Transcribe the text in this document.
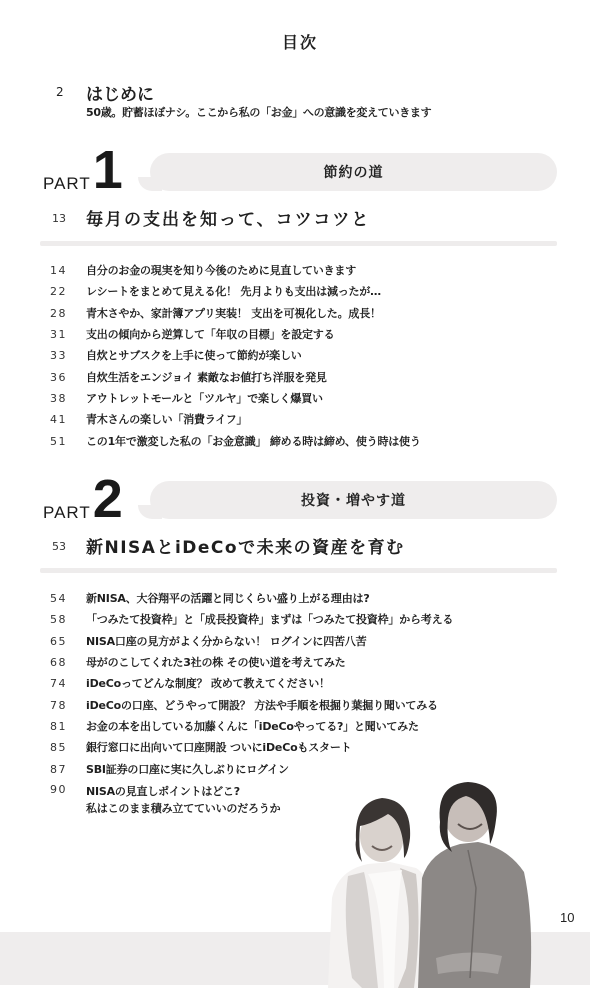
目次
2 はじめに
50歳。貯蓄ほぼナシ。ここから私の「お金」への意識を変えていきます
節約の道
PART 1
13 毎月の支出を知って、コツコツと
14	自分のお金の現実を知り今後のために見直していきます
22	レシートをまとめて見える化！ 先月よりも支出は減ったが…
28	青木さやか、家計簿アプリ実装！ 支出を可視化した。成長！
31	支出の傾向から逆算して「年収の目標」を設定する
33	自炊とサブスクを上手に使って節約が楽しい
36	自炊生活をエンジョイ 素敵なお値打ち洋服を発見
38	アウトレットモールと「ツルヤ」で楽しく爆買い
41	青木さんの楽しい「消費ライフ」
51	この1年で激変した私の「お金意識」 締める時は締め、使う時は使う
投資・増やす道
PART 2
53 新NISAとiDeCoで未来の資産を育む
54	新NISA、大谷翔平の活躍と同じくらい盛り上がる理由は?
58	「つみたて投資枠」と「成長投資枠」まずは「つみたて投資枠」から考える
65	NISA口座の見方がよく分からない！ ログインに四苦八苦
68	母がのこしてくれた3社の株 その使い道を考えてみた
74	iDeCoってどんな制度？ 改めて教えてください！
78	iDeCoの口座、どうやって開設？ 方法や手順を根掘り葉掘り聞いてみる
81	お金の本を出している加藤くんに「iDeCoやってる?」と聞いてみた
85	銀行窓口に出向いて口座開設 ついにiDeCoもスタート
87	SBI証券の口座に実に久しぶりにログイン
90	NISAの見直しポイントはどこ?
私はこのまま積み立てていいのだろうか
10
